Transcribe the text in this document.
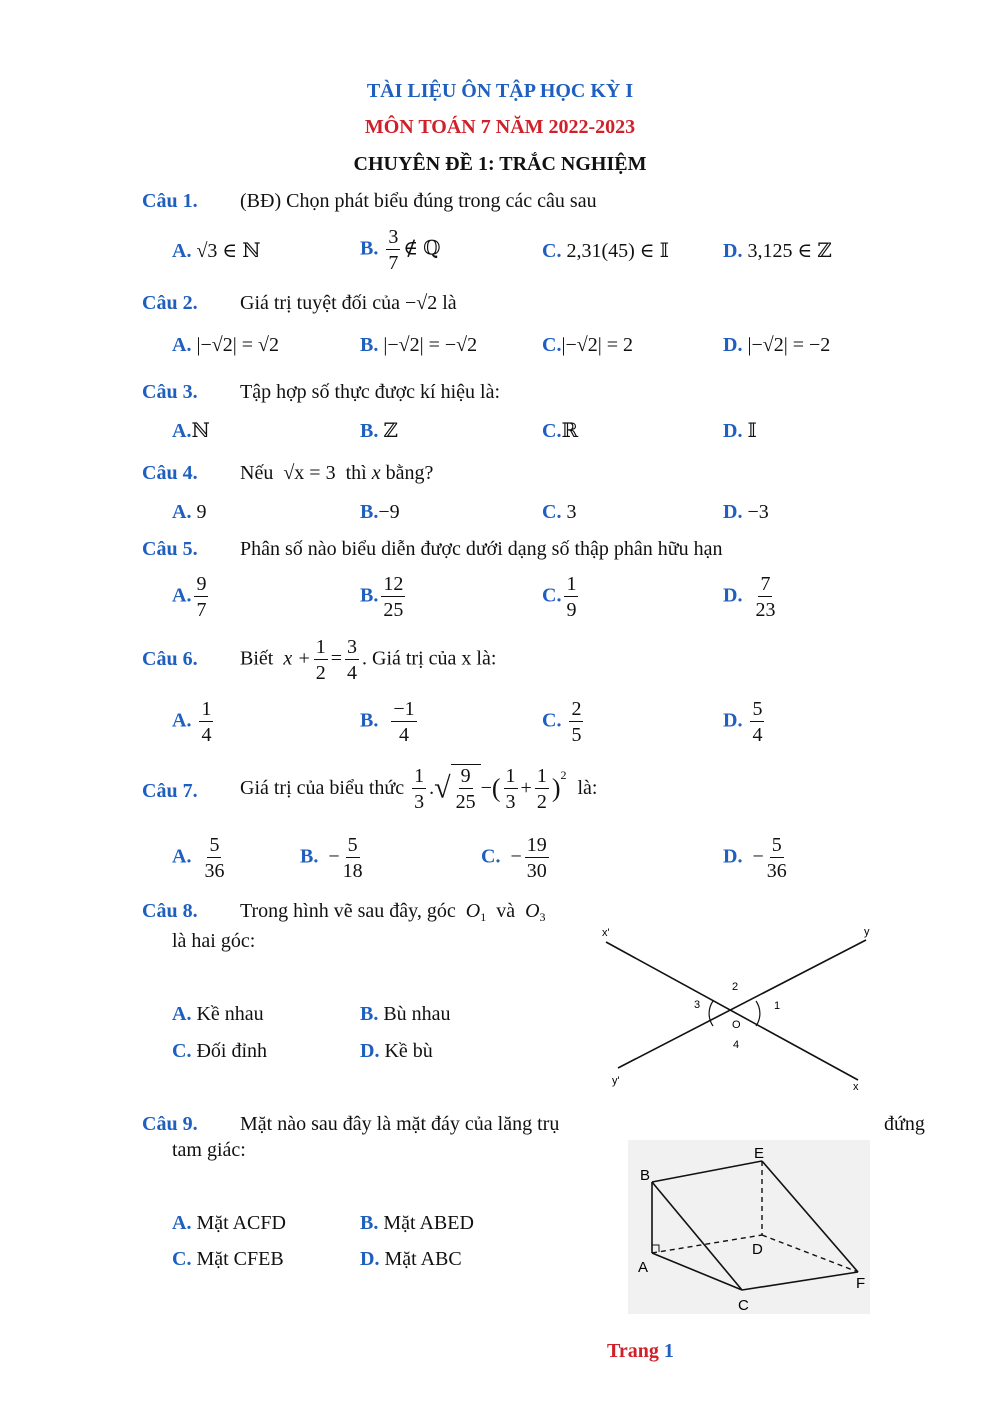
TÀI LIỆU ÔN TẬP HỌC KỲ I
MÔN TOÁN 7 NĂM 2022-2023
CHUYÊN ĐỀ 1: TRẮC NGHIỆM
Câu 1. (BĐ) Chọn phát biểu đúng trong các câu sau
A. √3 ∈ ℕ	B. $\frac{3}{7}$ ∉ ℚ	C. 2,31(45) ∈ 𝕀	D. 3,125 ∈ ℤ
Câu 2. Giá trị tuyệt đối của −√2 là
A. |−√2| = √2	B. |−√2| = −√2	C.|−√2| = 2	D. |−√2| = −2
Câu 3. Tập hợp số thực được kí hiệu là:
A.ℕ	B. ℤ	C.ℝ	D. 𝕀
Câu 4. Nếu √x = 3 thì x bằng?
A. 9	B.−9	C. 3	D. −3
Câu 5. Phân số nào biểu diễn được dưới dạng số thập phân hữu hạn
A. $\frac{9}{7}$	B. $\frac{12}{25}$	C. $\frac{1}{9}$	D. $\frac{7}{23}$
Câu 6. Biết $x + \frac{1}{2} = \frac{3}{4}$ . Giá trị của x là:
A. $\frac{1}{4}$	B. $\frac{-1}{4}$	C. $\frac{2}{5}$	D. $\frac{5}{4}$
Câu 7. Giá trị của biểu thức $\frac{1}{3}$ .√ $\frac{9}{25}$ −( $\frac{1}{3} + \frac{1}{2} )^2$ là:
A. $\frac{5}{36}$	B. − $\frac{5}{18}$	C. − $\frac{19}{30}$	D. − $\frac{5}{36}$
Câu 8. Trong hình vẽ sau đây, góc $O_1$ và $O_3$
là hai góc:
A. Kề nhau	B. Bù nhau
C. Đối đỉnh	D. Kề bù
x'	y
y'	x
1
2
3
4
O
Câu 9. Mặt nào sau đây là mặt đáy của lăng trụ	đứng
tam giác:
A. Mặt ACFD	B. Mặt ABED
C. Mặt CFEB	D. Mặt ABC	A
B
C
D
E
F
Trang 1
